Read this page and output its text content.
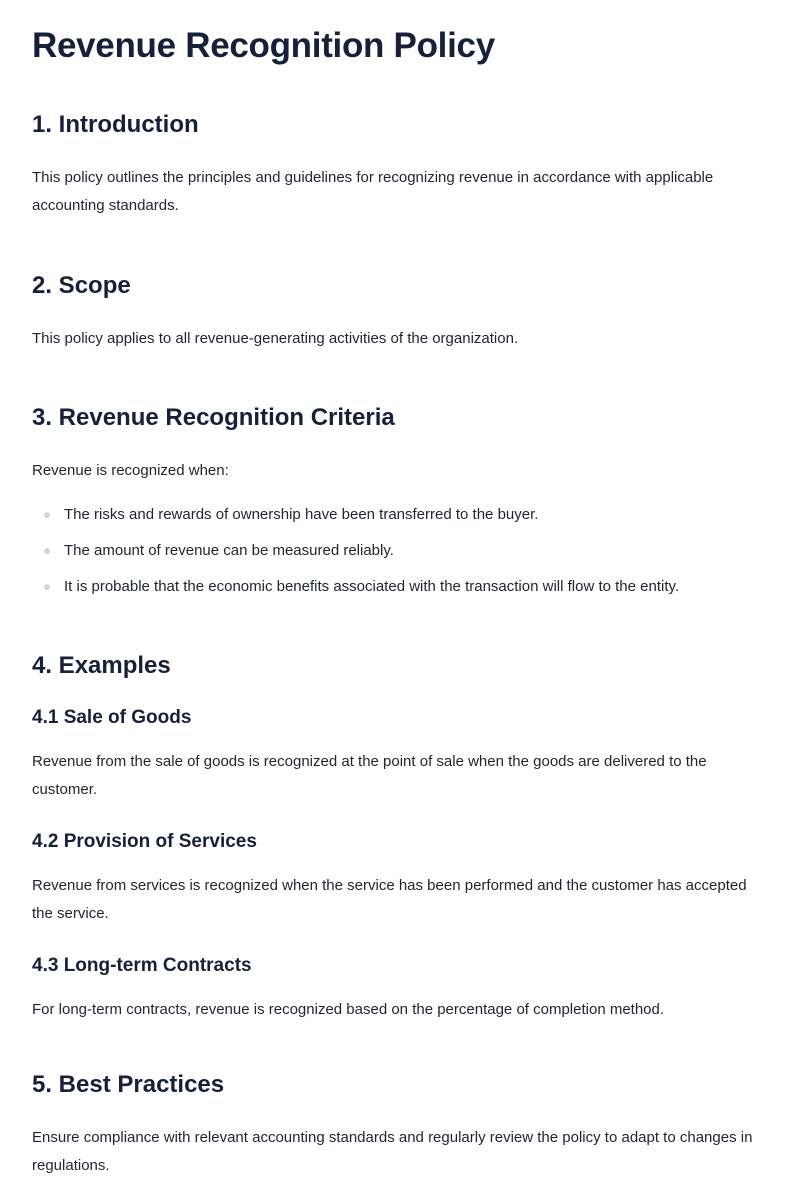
Revenue Recognition Policy
1. Introduction

This policy outlines the principles and guidelines for recognizing revenue in accordance with applicable accounting standards.

2. Scope

This policy applies to all revenue-generating activities of the organization.

3. Revenue Recognition Criteria

Revenue is recognized when:

The risks and rewards of ownership have been transferred to the buyer.
The amount of revenue can be measured reliably.
It is probable that the economic benefits associated with the transaction will flow to the entity.
4. Examples
4.1 Sale of Goods

Revenue from the sale of goods is recognized at the point of sale when the goods are delivered to the customer.

4.2 Provision of Services

Revenue from services is recognized when the service has been performed and the customer has accepted the service.

4.3 Long-term Contracts

For long-term contracts, revenue is recognized based on the percentage of completion method.

5. Best Practices

Ensure compliance with relevant accounting standards and regularly review the policy to adapt to changes in regulations.
